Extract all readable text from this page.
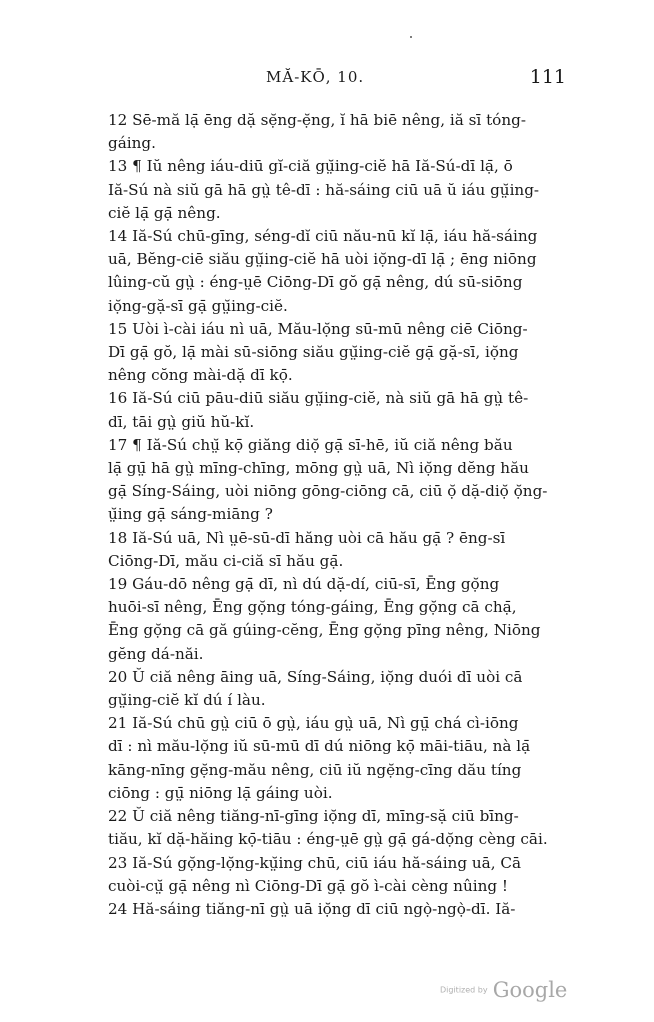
MĂ-KŌ, 10.	111
12 Sē-mă lạ̄ ēng dặ sẹ̆ng-ẹ̆ng, ĭ hā biē nêng, iă sī tóng-
gáing.
13 ¶ Iŭ nêng iáu-diū gĭ-ciă gṳ̆ing-ciĕ hā Iă-Sú-dī lạ̄, ō
Iă-Sú nà siŭ gā hā gṳ̀ tê-dī : hă-sáing ciū uā ŭ iáu gṳ̆ing-
ciĕ lạ̄ gạ̄ nêng.
14 Iă-Sú chū-gīng, séng-dĭ ciū nău-nū kĭ lạ̄, iáu hă-sáing
uā, Bĕng-ciē siău gṳ̆ing-ciĕ hā uòi iọ̆ng-dī lạ̄ ; ēng niōng
lûing-cŭ gṳ̀ : éng-ṳē Ciōng-Dī gŏ gạ̄ nêng, dú sū-siōng
iọ̆ng-gặ-sī gạ̄ gṳ̆ing-ciĕ.
15 Uòi ì-cài iáu nì uā, Mău-lọ̆ng sū-mū nêng ciē Ciōng-
Dī gạ̄ gŏ, lạ̄ mài sū-siōng siău gṳ̆ing-ciĕ gạ̄ gặ-sī, iọ̆ng
nêng cŏng mài-dặ dī kọ̄.
16 Iă-Sú ciū pāu-diū siău gṳ̆ing-ciĕ, nà siŭ gā hā gṳ̀ tê-
dī, tāi gṳ̀ giŭ hŭ-kĭ.
17 ¶ Iă-Sú chṳ̆ kọ̄ giăng diọ̆ gạ̄ sī-hē, iŭ ciă nêng bău
lạ̄ gṳ̄ hā gṳ̀ mīng-chīng, mōng gṳ̀ uā, Nì iọ̆ng dĕng hău
gạ̄ Síng-Sáing, uòi niōng gōng-ciōng cā, ciū ọ̆ dặ-diọ̆ ọ̆ng-
ṳ̆ing gạ̄ sáng-miāng ?
18 Iă-Sú uā, Nì ṳē-sū-dī hăng uòi cā hău gạ̄ ? ēng-sī
Ciōng-Dī, mău ci-ciă sī hău gạ̄.
19 Gáu-dō nêng gạ̄ dī, nì dú dặ-dí, ciū-sī, Ēng gọ̆ng
huōi-sī nêng, Ēng gọ̆ng tóng-gáing, Ēng gọ̆ng cā chạ̄,
Ēng gọ̆ng cā gă gúing-cĕng, Ēng gọ̆ng pīng nêng, Niōng
gĕng dá-năi.
20 Ŭ ciă nêng āing uā, Síng-Sáing, iọ̆ng duói dī uòi cā
gṳ̆ing-ciĕ kĭ dú í làu.
21 Iă-Sú chū gṳ̀ ciū ō gṳ̀, iáu gṳ̀ uā, Nì gṳ̄ chá cì-iōng
dī : nì mău-lọ̆ng iŭ sū-mū dī dú niōng kọ̄ māi-tiāu, nà lạ̄
kāng-nīng gẹ̆ng-mău nêng, ciū iŭ ngẹ̆ng-cīng dău tíng
ciōng : gṳ̄ niōng lạ̄ gáing uòi.
22 Ŭ ciă nêng tiăng-nī-gīng iọ̆ng dī, mīng-sặ ciū bīng-
tiău, kĭ dặ-hăing kọ̄-tiāu : éng-ṳē gṳ̀ gạ̄ gá-dọ̆ng cèng cāi.
23 Iă-Sú gọ̆ng-lọ̆ng-kṳ̆ing chū, ciū iáu hă-sáing uā, Cā
cuòi-cṳ̆ gạ̄ nêng nì Ciōng-Dī gạ̄ gŏ ì-cài cèng nûing !
24 Hă-sáing tiăng-nī gṳ̀ uā iọ̆ng dī ciū ngọ̀-ngọ̀-dī. Iă-
Digitized by Google
